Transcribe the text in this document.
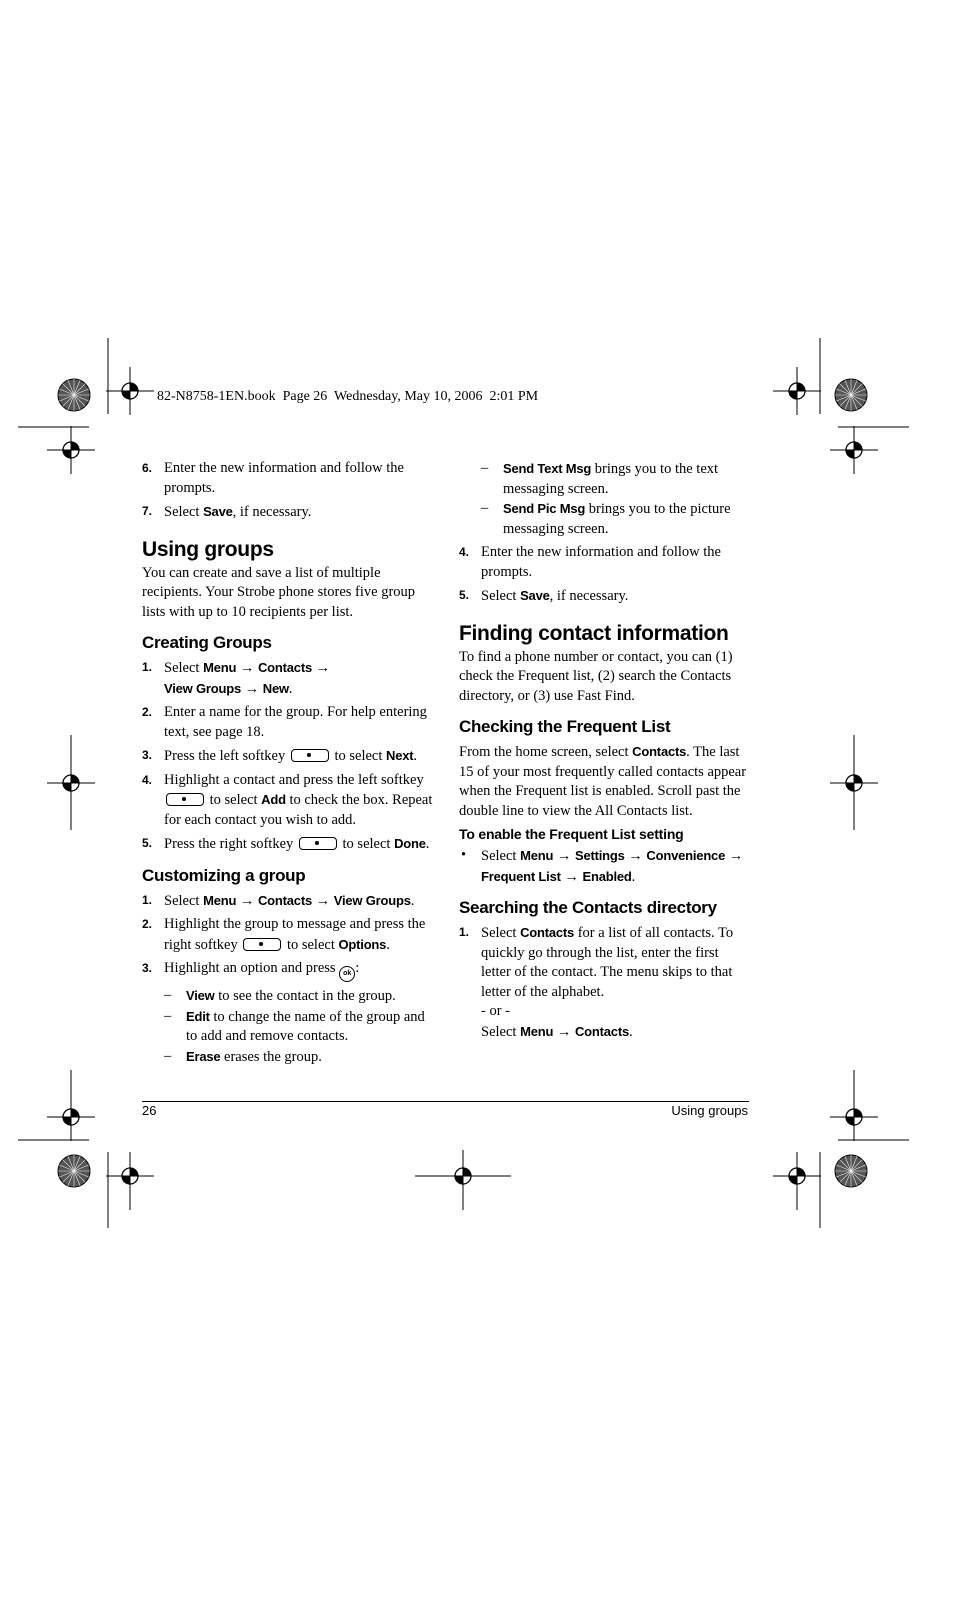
82-N8758-1EN.book  Page 26  Wednesday, May 10, 2006  2:01 PM

6. Enter the new information and follow the prompts.

7. Select Save, if necessary.

Using groups

You can create and save a list of multiple recipients. Your Strobe phone stores five group lists with up to 10 recipients per list.

Creating Groups

1. Select Menu → Contacts →
View Groups → New.

2. Enter a name for the group. For help entering text, see page 18.

3. Press the left softkey	to select Next.

4. Highlight a contact and press the left softkey
to select Add to check the box. Repeat for each contact you wish to add.

5. Press the right softkey	to select Done.

Customizing a group

1. Select Menu → Contacts → View Groups.

2. Highlight the group to message and press the right softkey	to select Options.

3. Highlight an option and press ok :

– View to see the contact in the group.

– Edit to change the name of the group and to add and remove contacts.

– Erase erases the group.

– Send Text Msg brings you to the text messaging screen.

– Send Pic Msg brings you to the picture messaging screen.

4. Enter the new information and follow the prompts.

5. Select Save, if necessary.

Finding contact information

To find a phone number or contact, you can (1) check the Frequent list, (2) search the Contacts directory, or (3) use Fast Find.

Checking the Frequent List

From the home screen, select Contacts. The last 15 of your most frequently called contacts appear when the Frequent list is enabled. Scroll past the double line to view the All Contacts list.

To enable the Frequent List setting

• Select Menu → Settings → Convenience →
Frequent List → Enabled.

Searching the Contacts directory

1. Select Contacts for a list of all contacts. To quickly go through the list, enter the first letter of the contact. The menu skips to that letter of the alphabet.
- or -
Select Menu → Contacts.

26	Using groups
